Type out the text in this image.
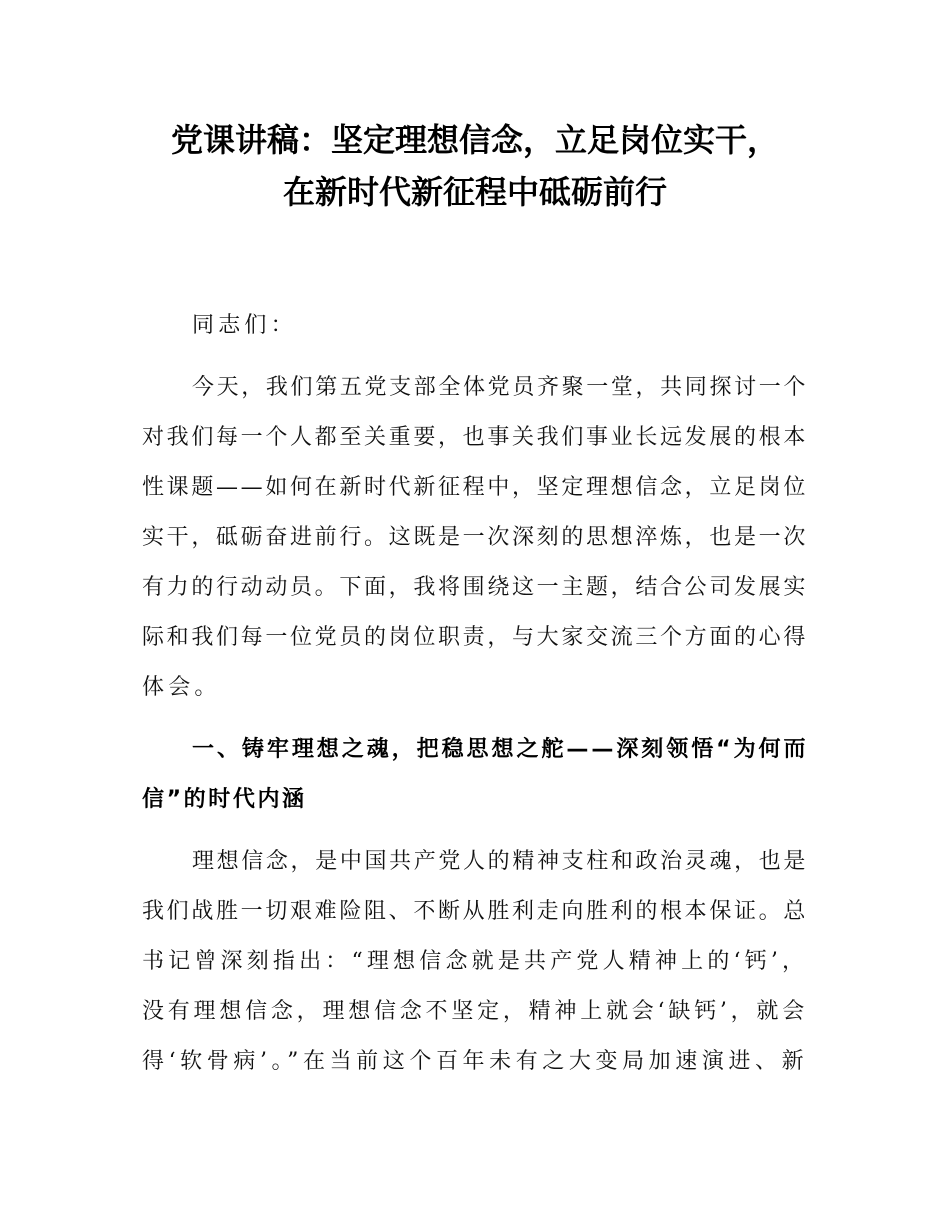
党课讲稿：坚定理想信念，立足岗位实干，
在新时代新征程中砥砺前行
同志们：
今天，我们第五党支部全体党员齐聚一堂，共同探讨一个
对我们每一个人都至关重要，也事关我们事业长远发展的根本
性课题——如何在新时代新征程中，坚定理想信念，立足岗位
实干，砥砺奋进前行。这既是一次深刻的思想淬炼，也是一次
有力的行动动员。下面，我将围绕这一主题，结合公司发展实
际和我们每一位党员的岗位职责，与大家交流三个方面的心得
体会。
一、铸牢理想之魂，把稳思想之舵——深刻领悟“为何而
信”的时代内涵
理想信念，是中国共产党人的精神支柱和政治灵魂，也是
我们战胜一切艰难险阻、不断从胜利走向胜利的根本保证。总
书记曾深刻指出：“理想信念就是共产党人精神上的‘钙’，
没有理想信念，理想信念不坚定，精神上就会‘缺钙’，就会
得‘软骨病’。”在当前这个百年未有之大变局加速演进、新
